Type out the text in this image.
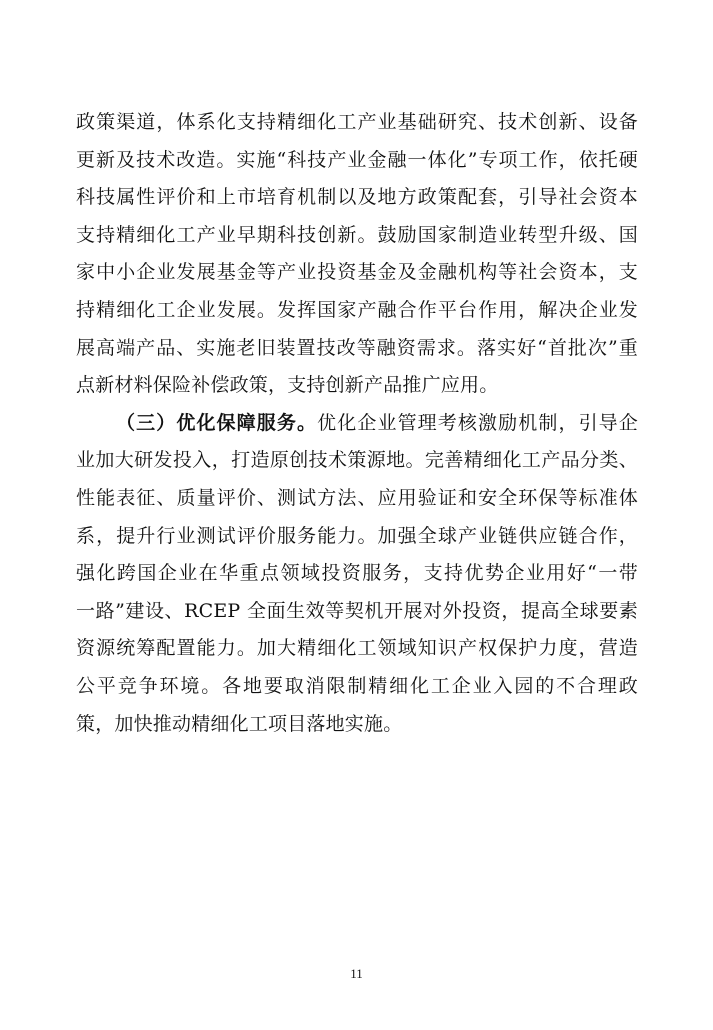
政策渠道，体系化支持精细化工产业基础研究、技术创新、设备
更新及技术改造。实施“科技产业金融一体化”专项工作，依托硬
科技属性评价和上市培育机制以及地方政策配套，引导社会资本
支持精细化工产业早期科技创新。鼓励国家制造业转型升级、国
家中小企业发展基金等产业投资基金及金融机构等社会资本，支
持精细化工企业发展。发挥国家产融合作平台作用，解决企业发
展高端产品、实施老旧装置技改等融资需求。落实好“首批次”重
点新材料保险补偿政策，支持创新产品推广应用。
（三）优化保障服务。优化企业管理考核激励机制，引导企
业加大研发投入，打造原创技术策源地。完善精细化工产品分类、
性能表征、质量评价、测试方法、应用验证和安全环保等标准体
系，提升行业测试评价服务能力。加强全球产业链供应链合作，
强化跨国企业在华重点领域投资服务，支持优势企业用好“一带
一路”建设、RCEP 全面生效等契机开展对外投资，提高全球要素
资源统筹配置能力。加大精细化工领域知识产权保护力度，营造
公平竞争环境。各地要取消限制精细化工企业入园的不合理政
策，加快推动精细化工项目落地实施。
11
